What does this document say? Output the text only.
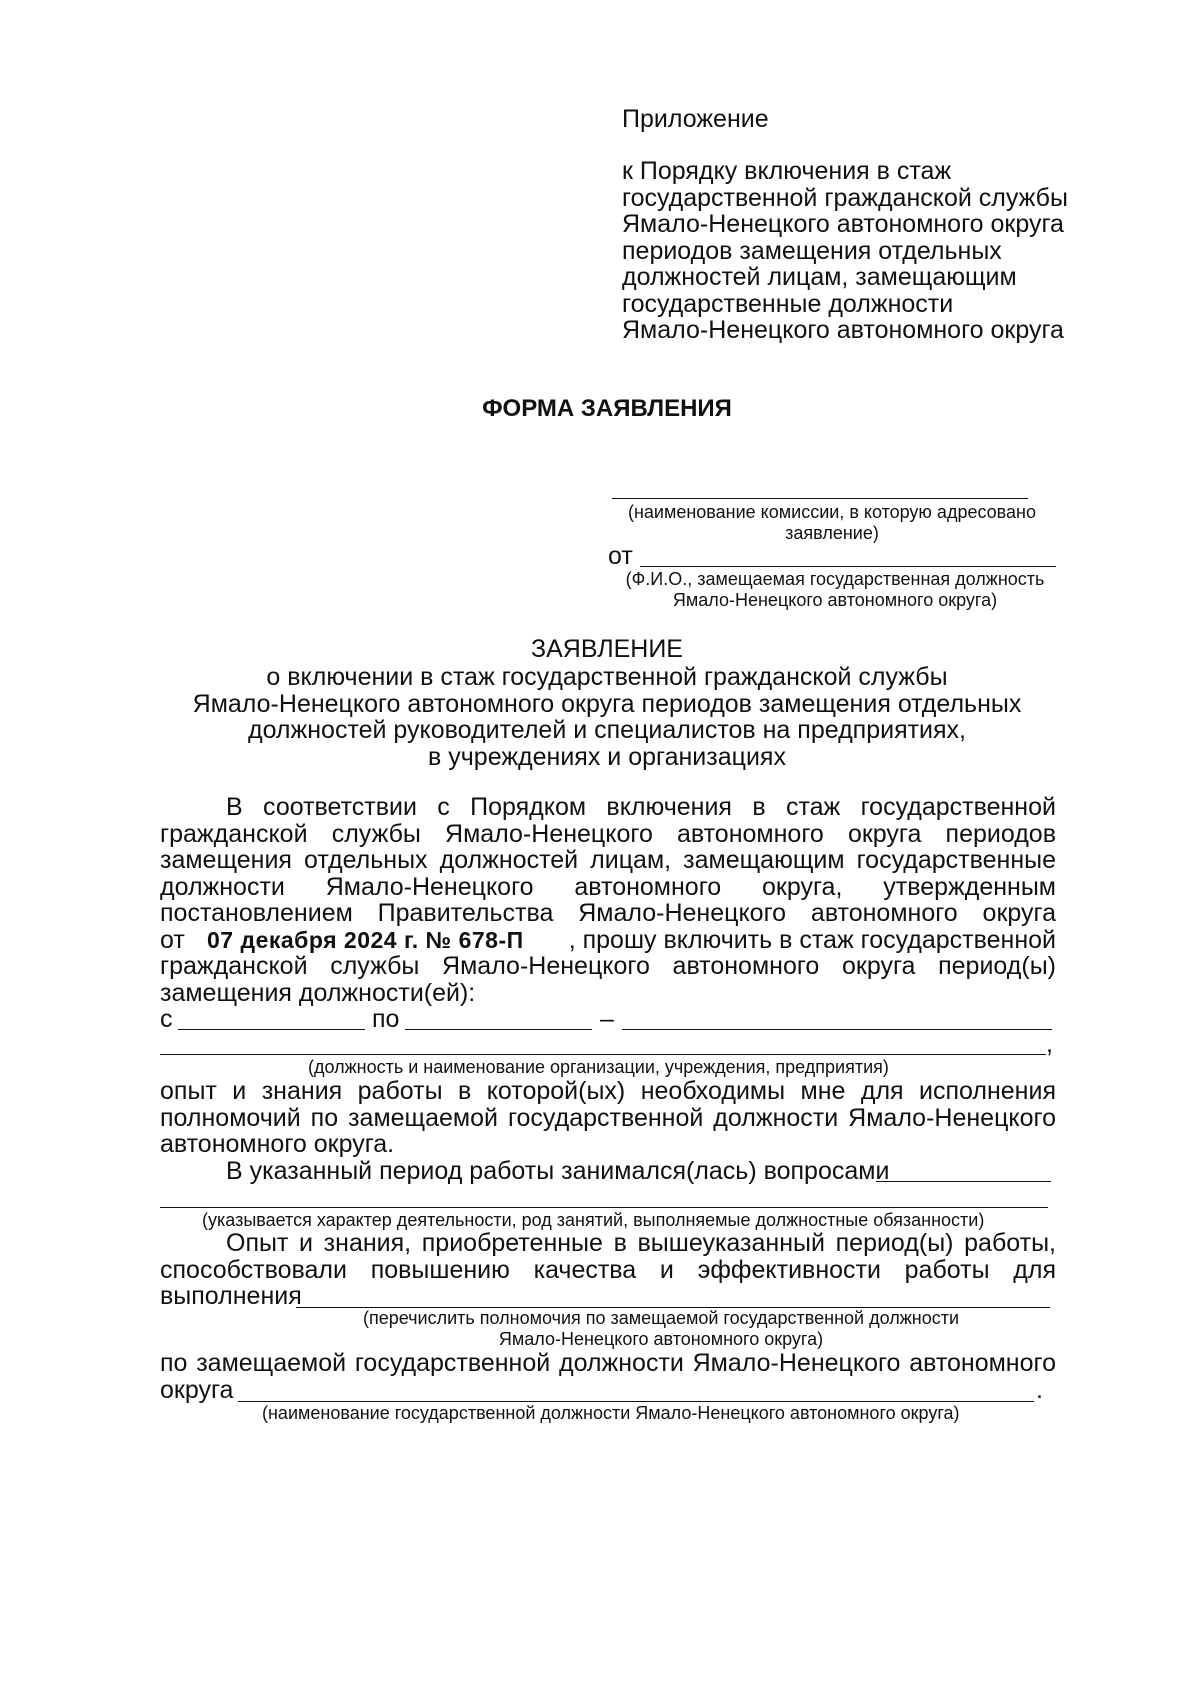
Приложение
к Порядку включения в стаж
государственной гражданской службы
Ямало-Ненецкого автономного округа
периодов замещения отдельных
должностей лицам, замещающим
государственные должности
Ямало-Ненецкого автономного округа
ФОРМА ЗАЯВЛЕНИЯ
(наименование комиссии, в которую адресовано
заявление)
от
(Ф.И.О., замещаемая государственная должность
Ямало-Ненецкого автономного округа)
ЗАЯВЛЕНИЕ
о включении в стаж государственной гражданской службы
Ямало-Ненецкого автономного округа периодов замещения отдельных
должностей руководителей и специалистов на предприятиях,
в учреждениях и организациях
В соответствии с Порядком включения в стаж государственной
гражданской службы Ямало-Ненецкого автономного округа периодов
замещения отдельных должностей лицам, замещающим государственные
должности Ямало-Ненецкого автономного округа, утвержденным
постановлением Правительства Ямало-Ненецкого автономного округа
от 07 декабря 2024 г. № 678-П , прошу включить в стаж государственной
гражданской службы Ямало-Ненецкого автономного округа период(ы)
замещения должности(ей):
с	по	–
,
(должность и наименование организации, учреждения, предприятия)
опыт и знания работы в которой(ых) необходимы мне для исполнения
полномочий по замещаемой государственной должности Ямало-Ненецкого
автономного округа.
В указанный период работы занимался(лась) вопросами
(указывается характер деятельности, род занятий, выполняемые должностные обязанности)
Опыт и знания, приобретенные в вышеуказанный период(ы) работы,
способствовали повышению качества и эффективности работы для
выполнения
(перечислить полномочия по замещаемой государственной должности
Ямало-Ненецкого автономного округа)
по замещаемой государственной должности Ямало-Ненецкого автономного
округа	.
(наименование государственной должности Ямало-Ненецкого автономного округа)
